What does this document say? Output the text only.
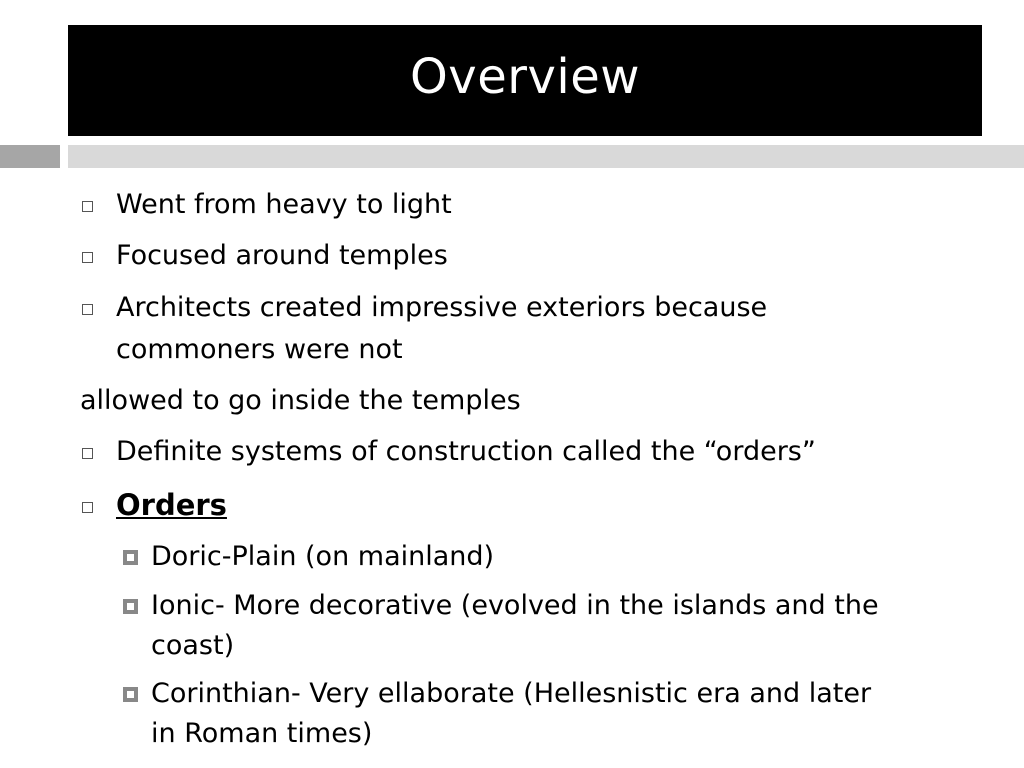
Overview
Went from heavy to light
Focused around temples
Architects created impressive exteriors because
commoners were not
allowed to go inside the temples
Definite systems of construction called the “orders”
Orders
Doric-Plain (on mainland)
Ionic- More decorative (evolved in the islands and the
coast)
Corinthian- Very ellaborate (Hellesnistic era and later
in Roman times)
